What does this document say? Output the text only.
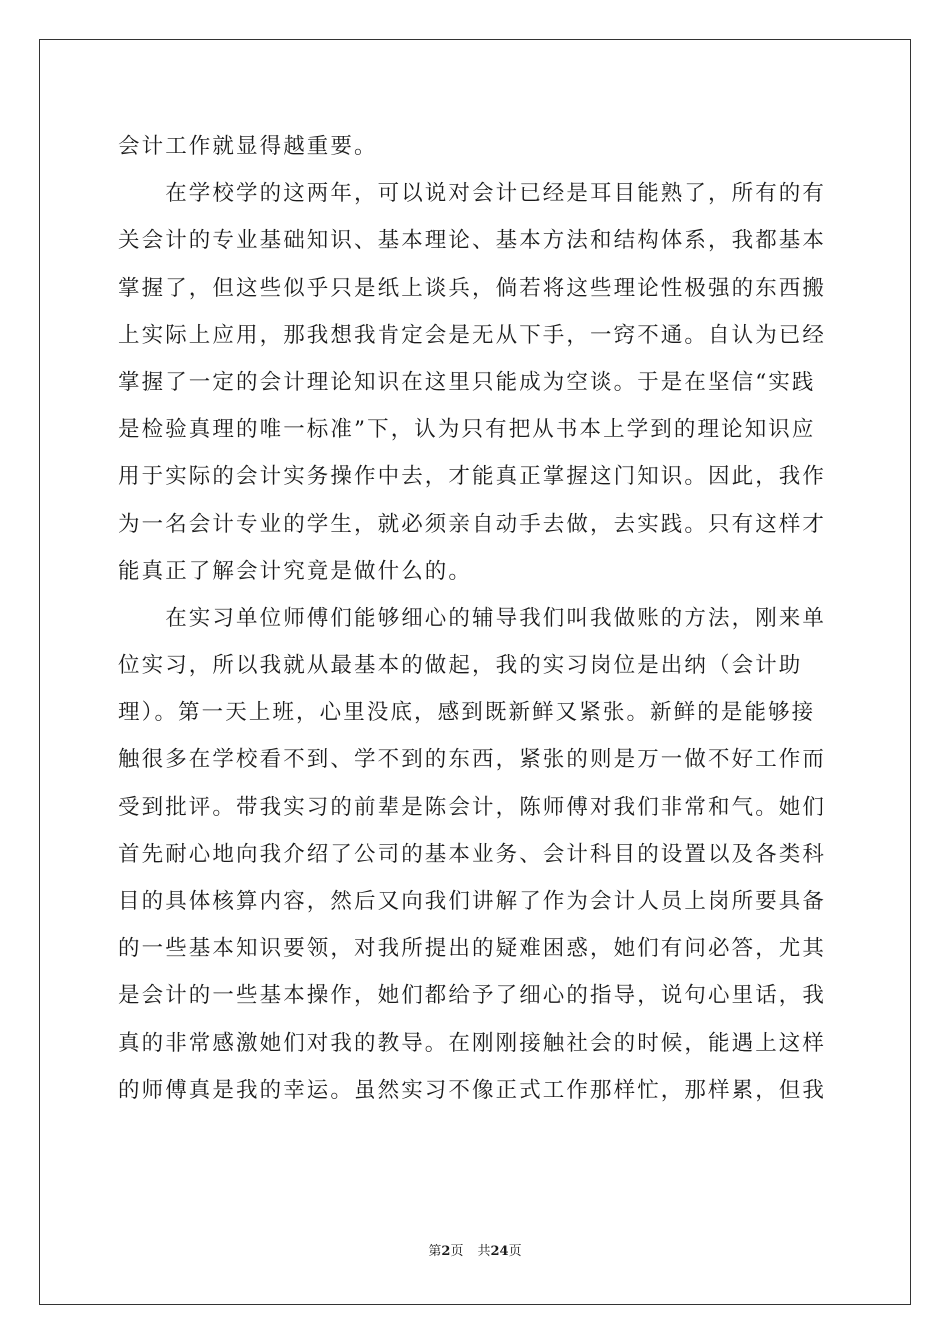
会计工作就显得越重要。
　　在学校学的这两年，可以说对会计已经是耳目能熟了，所有的有
关会计的专业基础知识、基本理论、基本方法和结构体系，我都基本
掌握了，但这些似乎只是纸上谈兵，倘若将这些理论性极强的东西搬
上实际上应用，那我想我肯定会是无从下手，一窍不通。自认为已经
掌握了一定的会计理论知识在这里只能成为空谈。于是在坚信“实践
是检验真理的唯一标准”下，认为只有把从书本上学到的理论知识应
用于实际的会计实务操作中去，才能真正掌握这门知识。因此，我作
为一名会计专业的学生，就必须亲自动手去做，去实践。只有这样才
能真正了解会计究竟是做什么的。
　　在实习单位师傅们能够细心的辅导我们叫我做账的方法，刚来单
位实习，所以我就从最基本的做起，我的实习岗位是出纳（会计助
理）。第一天上班，心里没底，感到既新鲜又紧张。新鲜的是能够接
触很多在学校看不到、学不到的东西，紧张的则是万一做不好工作而
受到批评。带我实习的前辈是陈会计，陈师傅对我们非常和气。她们
首先耐心地向我介绍了公司的基本业务、会计科目的设置以及各类科
目的具体核算内容，然后又向我们讲解了作为会计人员上岗所要具备
的一些基本知识要领，对我所提出的疑难困惑，她们有问必答，尤其
是会计的一些基本操作，她们都给予了细心的指导，说句心里话，我
真的非常感激她们对我的教导。在刚刚接触社会的时候，能遇上这样
的师傅真是我的幸运。虽然实习不像正式工作那样忙，那样累，但我
第2页 共24页
